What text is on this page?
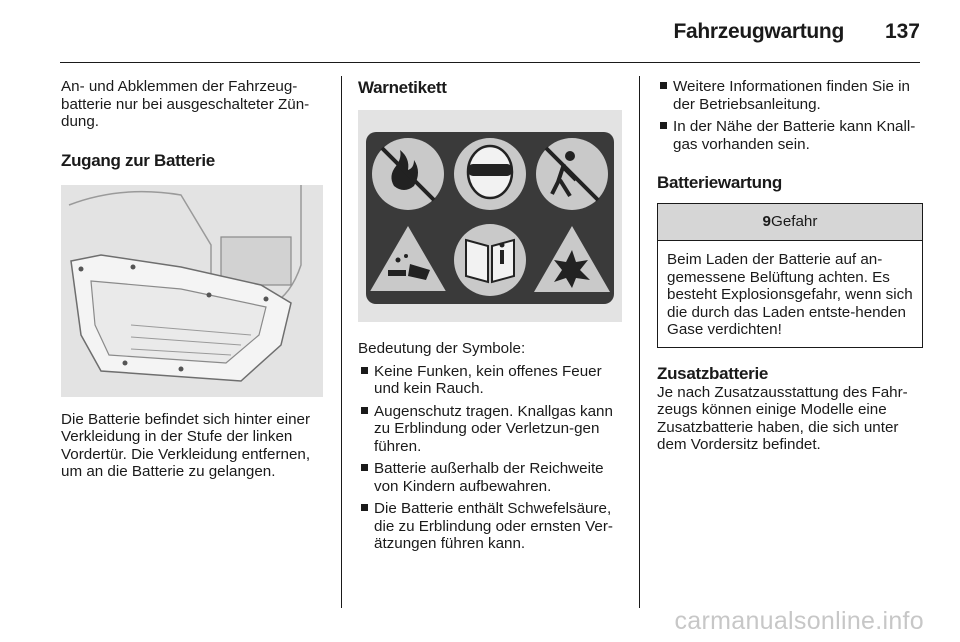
Fahrzeugwartung 137

An- und Abklemmen der Fahrzeug-batterie nur bei ausgeschalteter Zün-dung.

Zugang zur Batterie

Die Batterie befindet sich hinter einer Verkleidung in der Stufe der linken Vordertür. Die Verkleidung entfernen, um an die Batterie zu gelangen.

Warnetikett

Bedeutung der Symbole:

Keine Funken, kein offenes Feuer und kein Rauch.
Augenschutz tragen. Knallgas kann zu Erblindung oder Verletzun-gen führen.
Batterie außerhalb der Reichweite von Kindern aufbewahren.
Die Batterie enthält Schwefelsäure, die zu Erblindung oder ernsten Ver-ätzungen führen kann.
Weitere Informationen finden Sie in der Betriebsanleitung.
In der Nähe der Batterie kann Knall-gas vorhanden sein.
Batteriewartung
9Gefahr

Beim Laden der Batterie auf an-gemessene Belüftung achten. Es besteht Explosionsgefahr, wenn sich die durch das Laden entste-henden Gase verdichten!

Zusatzbatterie

Je nach Zusatzausstattung des Fahr-zeugs können einige Modelle eine Zusatzbatterie haben, die sich unter dem Vordersitz befindet.

carmanualsonline.info
